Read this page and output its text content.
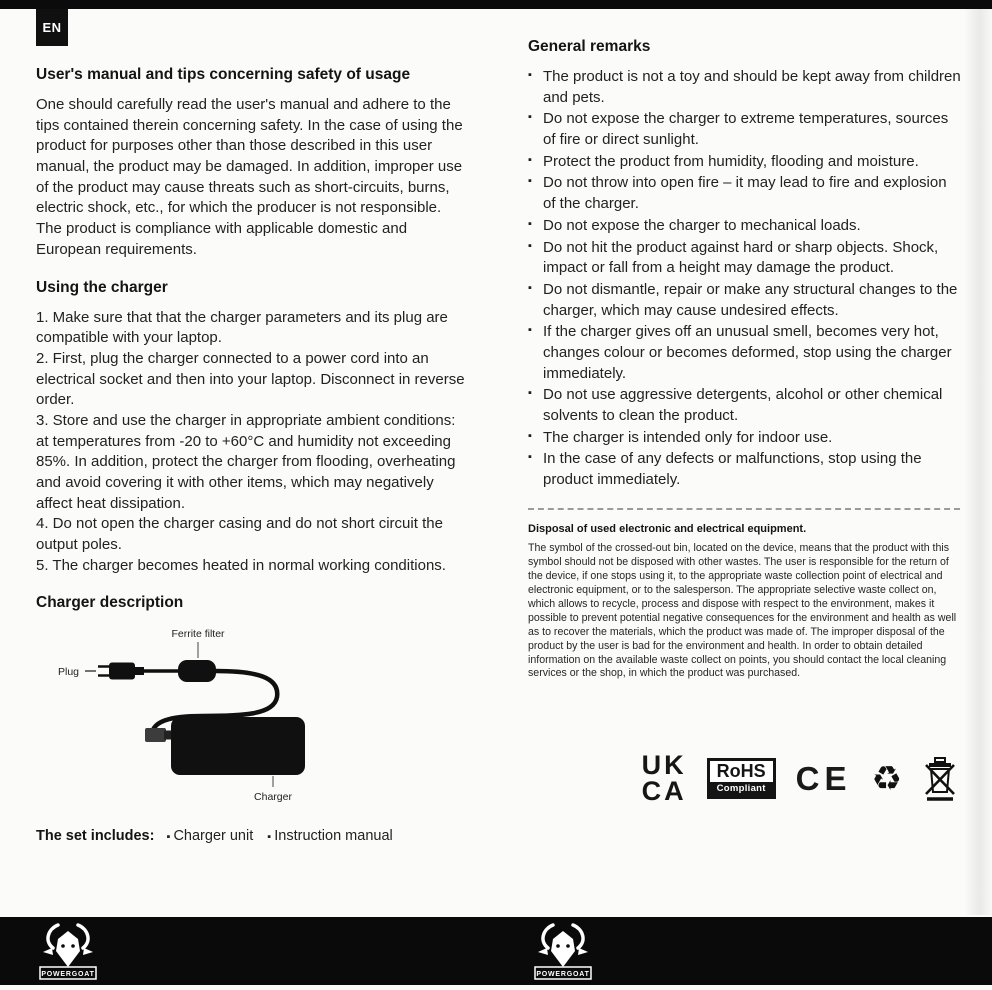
EN
User's manual and tips concerning safety of usage

One should carefully read the user's manual and adhere to the tips contained therein concerning safety. In the case of using the product for purposes other than those described in this user manual, the product may be damaged. In addition, improper use of the product may cause threats such as short-circuits, burns, electric shock, etc., for which the producer is not responsible. The product is compliance with applicable domestic and European requirements.

Using the charger

1. Make sure that that the charger parameters and its plug are compatible with your laptop.

2. First, plug the charger connected to a power cord into an electrical socket and then into your laptop. Disconnect in reverse order.

3. Store and use the charger in appropriate ambient conditions: at temperatures from -20 to +60°C and humidity not exceeding 85%. In addition, protect the charger from flooding, overheating and avoid covering it with other items, which may negatively affect heat dissipation.

4. Do not open the charger casing and do not short circuit the output poles.

5. The charger becomes heated in normal working conditions.

Charger description
Ferrite filter
Plug
Charger

The set includes: ▪ Charger unit ▪ Instruction manual

General remarks
▪ The product is not a toy and should be kept away from children and pets.
▪ Do not expose the charger to extreme temperatures, sources of fire or direct sunlight.
▪ Protect the product from humidity, flooding and moisture.
▪ Do not throw into open fire – it may lead to fire and explosion of the charger.
▪ Do not expose the charger to mechanical loads.
▪ Do not hit the product against hard or sharp objects. Shock, impact or fall from a height may damage the product.
▪ Do not dismantle, repair or make any structural changes to the charger, which may cause undesired effects.
▪ If the charger gives off an unusual smell, becomes very hot, changes colour or becomes deformed, stop using the charger immediately.
▪ Do not use aggressive detergents, alcohol or other chemical solvents to clean the product.
▪ The charger is intended only for indoor use.
▪ In the case of any defects or malfunctions, stop using the product immediately.

Disposal of used electronic and electrical equipment.

The symbol of the crossed-out bin, located on the device, means that the product with this symbol should not be disposed with other wastes. The user is responsible for the return of the device, if one stops using it, to the appropriate waste collection point of electrical and electronic equipment, or to the salesperson. The appropriate selective waste collect on, which allows to recycle, process and dispose with respect to the environment, makes it possible to prevent potential negative consequences for the environment and health as well as to recover the materials, which the product was made of. The improper disposal of the product by the user is bad for the environment and health. In order to obtain detailed information on the available waste collect on points, you should contact the local cleaning services or the shop, in which the product was purchased.

UK
CA
RoHS
Compliant CE ♻
POWERGOAT	POWERGOAT
